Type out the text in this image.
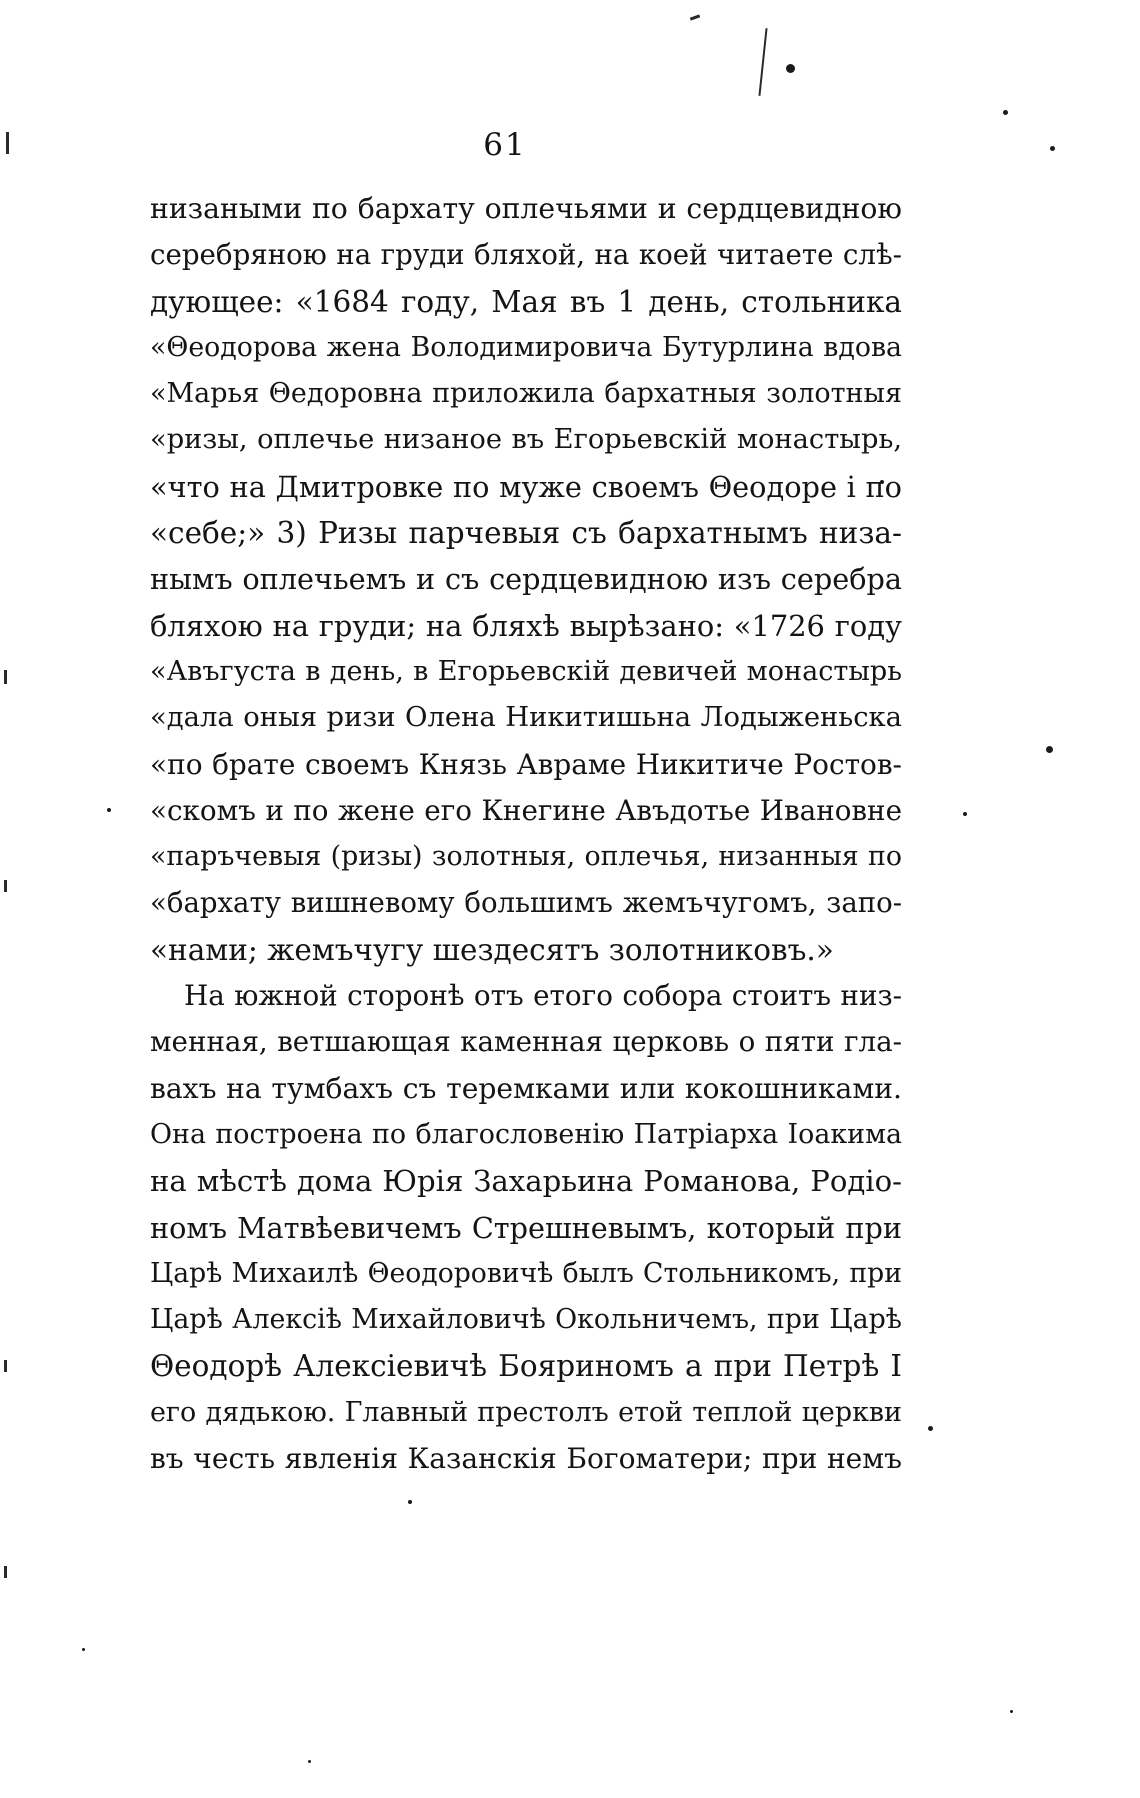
61
низаными по бархату оплечьями и сердцевидною
серебряною на груди бляхой, на коей читаете слѣ-
дующее: «1684 году, Мая въ 1 день, стольника
«Θеодорова жена Володимировича Бутурлина вдова
«Марья Θедоровна приложила бархатныя золотныя
«ризы, оплечье низаное въ Егорьевскій монастырь,
«что на Дмитровке по муже своемъ Θеодоре і по
«себе;» 3) Ризы парчевыя съ бархатнымъ низа-
нымъ оплечьемъ и съ сердцевидною изъ серебра
бляхою на груди; на бляхѣ вырѣзано: «1726 году
«Авъгуста в день, в Егорьевскій девичей монастырь
«дала оныя ризи Олена Никитишьна Лодыженьска
«по брате своемъ Князь Авраме Никитиче Ростов-
«скомъ и по жене его Кнегине Авъдотье Ивановне
«паръчевыя (ризы) золотныя, оплечья, низанныя по
«бархату вишневому большимъ жемъчугомъ, запо-
«нами; жемъчугу шездесятъ золотниковъ.»
На южной сторонѣ отъ етого собора стоитъ низ-
менная, ветшающая каменная церковь о пяти гла-
вахъ на тумбахъ съ теремками или кокошниками.
Она построена по благословенію Патріарха Іоакима
на мѣстѣ дома Юрія Захарьина Романова, Родіо-
номъ Матвѣевичемъ Стрешневымъ, который при
Царѣ Михаилѣ Θеодоровичѣ былъ Стольникомъ, при
Царѣ Алексіѣ Михайловичѣ Окольничемъ, при Царѣ
Θеодорѣ Алексіевичѣ Бояриномъ а при Петрѣ I
его дядькою. Главный престолъ етой теплой церкви
въ честь явленія Казанскія Богоматери; при немъ
